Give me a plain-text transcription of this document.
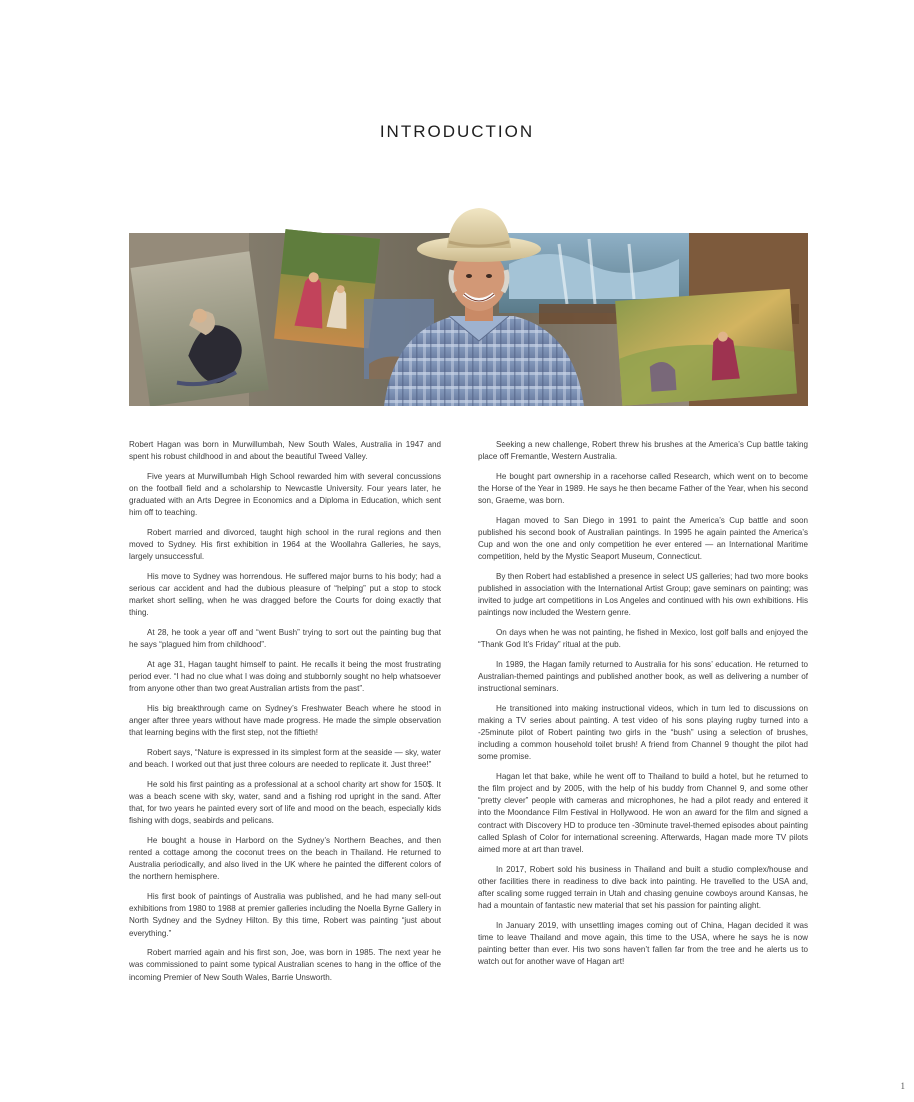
INTRODUCTION

Robert Hagan was born in Murwillumbah, New South Wales, Australia in 1947 and spent his robust childhood in and about the beautiful Tweed Valley.

Five years at Murwillumbah High School rewarded him with several concussions on the football field and a scholarship to Newcastle University. Four years later, he graduated with an Arts Degree in Economics and a Diploma in Education, which sent him off to teaching.

Robert married and divorced, taught high school in the rural regions and then moved to Sydney. His first exhibition in 1964 at the Woollahra Galleries, he says, largely unsuccessful.

His move to Sydney was horrendous. He suffered major burns to his body; had a serious car accident and had the dubious pleasure of “helping” put a stop to stock market short selling, when he was dragged before the Courts for doing exactly that thing.

At 28, he took a year off and “went Bush” trying to sort out the painting bug that he says “plagued him from childhood”.

At age 31, Hagan taught himself to paint. He recalls it being the most frustrating period ever. “I had no clue what I was doing and stubbornly sought no help whatsoever from anyone other than two great Australian artists from the past”.

His big breakthrough came on Sydney’s Freshwater Beach where he stood in anger after three years without have made progress. He made the simple observation that learning begins with the first step, not the fiftieth!

Robert says, “Nature is expressed in its simplest form at the seaside — sky, water and beach. I worked out that just three colours are needed to replicate it. Just three!”

He sold his first painting as a professional at a school charity art show for 150$. It was a beach scene with sky, water, sand and a fishing rod upright in the sand. After that, for two years he painted every sort of life and mood on the beach, especially kids fishing with dogs, seabirds and pelicans.

He bought a house in Harbord on the Sydney’s Northern Beaches, and then rented a cottage among the coconut trees on the beach in Thailand. He returned to Australia periodically, and also lived in the UK where he painted the different colors of the northern hemisphere.

His first book of paintings of Australia was published, and he had many sell-out exhibitions from 1980 to 1988 at premier galleries including the Noella Byrne Gallery in North Sydney and the Sydney Hilton. By this time, Robert was painting “just about everything.”

Robert married again and his first son, Joe, was born in 1985. The next year he was commissioned to paint some typical Australian scenes to hang in the office of the incoming Premier of New South Wales, Barrie Unsworth.

Seeking a new challenge, Robert threw his brushes at the America’s Cup battle taking place off Fremantle, Western Australia.

He bought part ownership in a racehorse called Research, which went on to become the Horse of the Year in 1989. He says he then became Father of the Year, when his second son, Graeme, was born.

Hagan moved to San Diego in 1991 to paint the America’s Cup battle and soon published his second book of Australian paintings. In 1995 he again painted the America’s Cup and won the one and only competition he ever entered — an International Maritime competition, held by the Mystic Seaport Museum, Connecticut.

By then Robert had established a presence in select US galleries; had two more books published in association with the International Artist Group; gave seminars on painting; was invited to judge art competitions in Los Angeles and continued with his own exhibitions. His paintings now included the Western genre.

On days when he was not painting, he fished in Mexico, lost golf balls and enjoyed the “Thank God It’s Friday” ritual at the pub.

In 1989, the Hagan family returned to Australia for his sons’ education. He returned to Australian-themed paintings and published another book, as well as delivering a number of instructional seminars.

He transitioned into making instructional videos, which in turn led to discussions on making a TV series about painting. A test video of his sons playing rugby turned into a -25minute pilot of Robert painting two girls in the “bush” using a selection of brushes, including a common household toilet brush! A friend from Channel 9 thought the pilot had some promise.

Hagan let that bake, while he went off to Thailand to build a hotel, but he returned to the film project and by 2005, with the help of his buddy from Channel 9, and some other “pretty clever” people with cameras and microphones, he had a pilot ready and entered it into the Moondance Film Festival in Hollywood. He won an award for the film and signed a contract with Discovery HD to produce ten -30minute travel-themed episodes about painting called Splash of Color for international screening. Afterwards, Hagan made more TV pilots aimed more at art than travel.

In 2017, Robert sold his business in Thailand and built a studio complex/house and other facilities there in readiness to dive back into painting. He travelled to the USA and, after scaling some rugged terrain in Utah and chasing genuine cowboys around Kansas, he had a mountain of fantastic new material that set his passion for painting alight.

In January 2019, with unsettling images coming out of China, Hagan decided it was time to leave Thailand and move again, this time to the USA, where he says he is now painting better than ever. His two sons haven’t fallen far from the tree and he alerts us to watch out for another wave of Hagan art!

1
